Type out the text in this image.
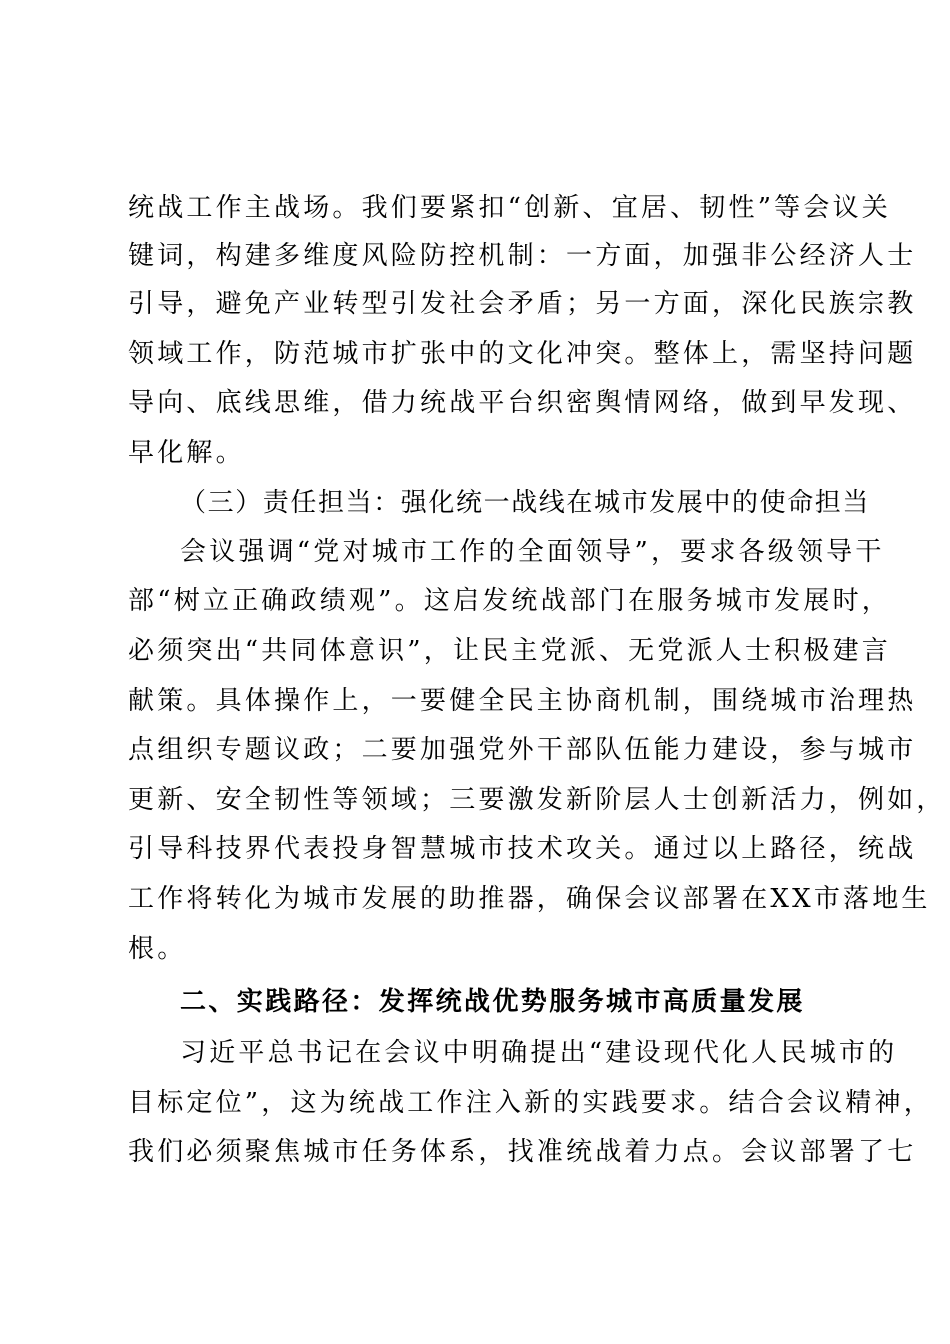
统战工作主战场。我们要紧扣“创新、宜居、韧性”等会议关
键词，构建多维度风险防控机制：一方面，加强非公经济人士
引导，避免产业转型引发社会矛盾；另一方面，深化民族宗教
领域工作，防范城市扩张中的文化冲突。整体上，需坚持问题
导向、底线思维，借力统战平台织密舆情网络，做到早发现、
早化解。
（三）责任担当：强化统一战线在城市发展中的使命担当
会议强调“党对城市工作的全面领导”，要求各级领导干
部“树立正确政绩观”。这启发统战部门在服务城市发展时，
必须突出“共同体意识”，让民主党派、无党派人士积极建言
献策。具体操作上，一要健全民主协商机制，围绕城市治理热
点组织专题议政；二要加强党外干部队伍能力建设，参与城市
更新、安全韧性等领域；三要激发新阶层人士创新活力，例如，
引导科技界代表投身智慧城市技术攻关。通过以上路径，统战
工作将转化为城市发展的助推器，确保会议部署在XX市落地生
根。
二、实践路径：发挥统战优势服务城市高质量发展
习近平总书记在会议中明确提出“建设现代化人民城市的
目标定位”，这为统战工作注入新的实践要求。结合会议精神，
我们必须聚焦城市任务体系，找准统战着力点。会议部署了七
